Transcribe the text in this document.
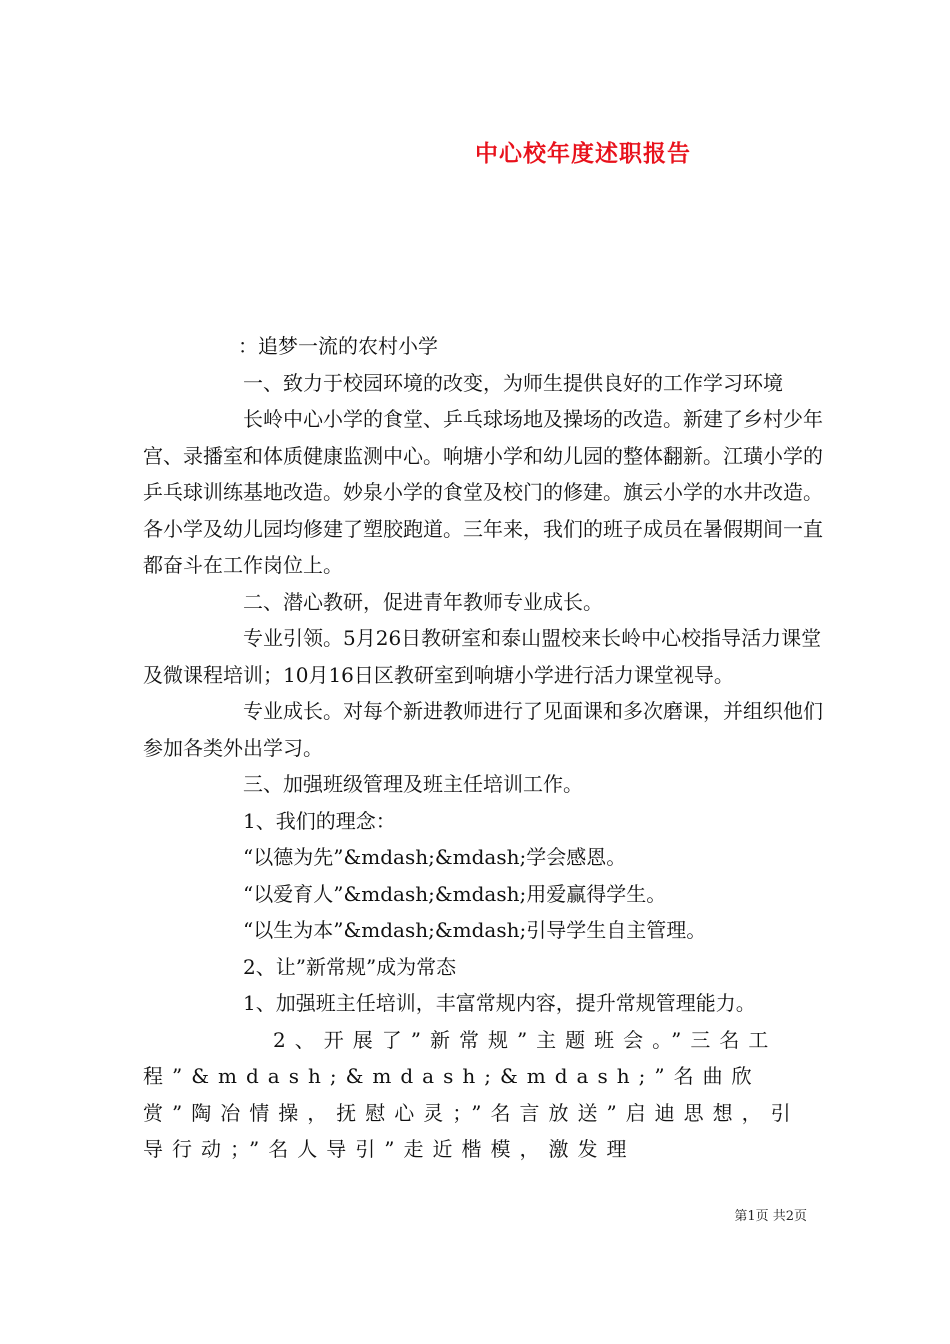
中心校年度述职报告

：追梦一流的农村小学

一、致力于校园环境的改变，为师生提供良好的工作学习环境

长岭中心小学的食堂、乒乓球场地及操场的改造。新建了乡村少年宫、录播室和体质健康监测中心。响塘小学和幼儿园的整体翻新。江璜小学的乒乓球训练基地改造。妙泉小学的食堂及校门的修建。旗云小学的水井改造。各小学及幼儿园均修建了塑胶跑道。三年来，我们的班子成员在暑假期间一直都奋斗在工作岗位上。

二、潜心教研，促进青年教师专业成长。

专业引领。5月26日教研室和泰山盟校来长岭中心校指导活力课堂及微课程培训；10月16日区教研室到响塘小学进行活力课堂视导。

专业成长。对每个新进教师进行了见面课和多次磨课，并组织他们参加各类外出学习。

三、加强班级管理及班主任培训工作。

1、我们的理念：

“以德为先”&mdash;&mdash;学会感恩。

“以爱育人”&mdash;&mdash;用爱赢得学生。

“以生为本”&mdash;&mdash;引导学生自主管理。

2、让”新常规”成为常态

1、加强班主任培训，丰富常规内容，提升常规管理能力。

2、开展了”新常规”主题班会。”三名工程”&mdash;&mdash;&mdash;”名曲欣赏”陶冶情操，抚慰心灵；”名言放送”启迪思想，引导行动；”名人导引”走近楷模，激发理

第1页 共2页
